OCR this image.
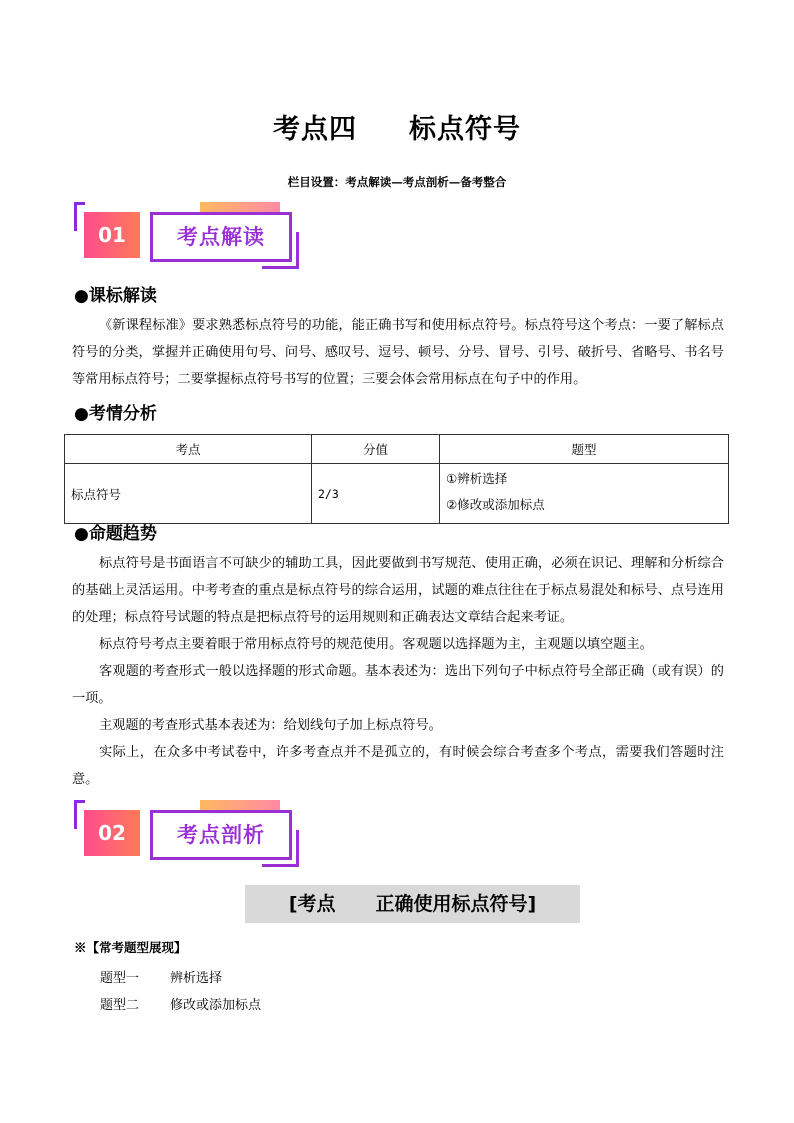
考点四 标点符号
栏目设置：考点解读—考点剖析—备考整合
01	考点解读
●课标解读
《新课程标准》要求熟悉标点符号的功能，能正确书写和使用标点符号。标点符号这个考点：一要了解标点符号的分类，掌握并正确使用句号、问号、感叹号、逗号、顿号、分号、冒号、引号、破折号、省略号、书名号等常用标点符号；二要掌握标点符号书写的位置；三要会体会常用标点在句子中的作用。
●考情分析
考点	分值	题型
标点符号	2/3	①辨析选择
②修改或添加标点
●命题趋势
标点符号是书面语言不可缺少的辅助工具，因此要做到书写规范、使用正确，必须在识记、理解和分析综合的基础上灵活运用。中考考查的重点是标点符号的综合运用，试题的难点往往在于标点易混处和标号、点号连用的处理；标点符号试题的特点是把标点符号的运用规则和正确表达文章结合起来考证。
标点符号考点主要着眼于常用标点符号的规范使用。客观题以选择题为主，主观题以填空题主。
客观题的考查形式一般以选择题的形式命题。基本表述为：选出下列句子中标点符号全部正确（或有误）的一项。
主观题的考查形式基本表述为：给划线句子加上标点符号。
实际上，在众多中考试卷中，许多考查点并不是孤立的，有时候会综合考查多个考点，需要我们答题时注意。
02	考点剖析
[考点 正确使用标点符号]
※【常考题型展现】
题型一 辨析选择
题型二 修改或添加标点
